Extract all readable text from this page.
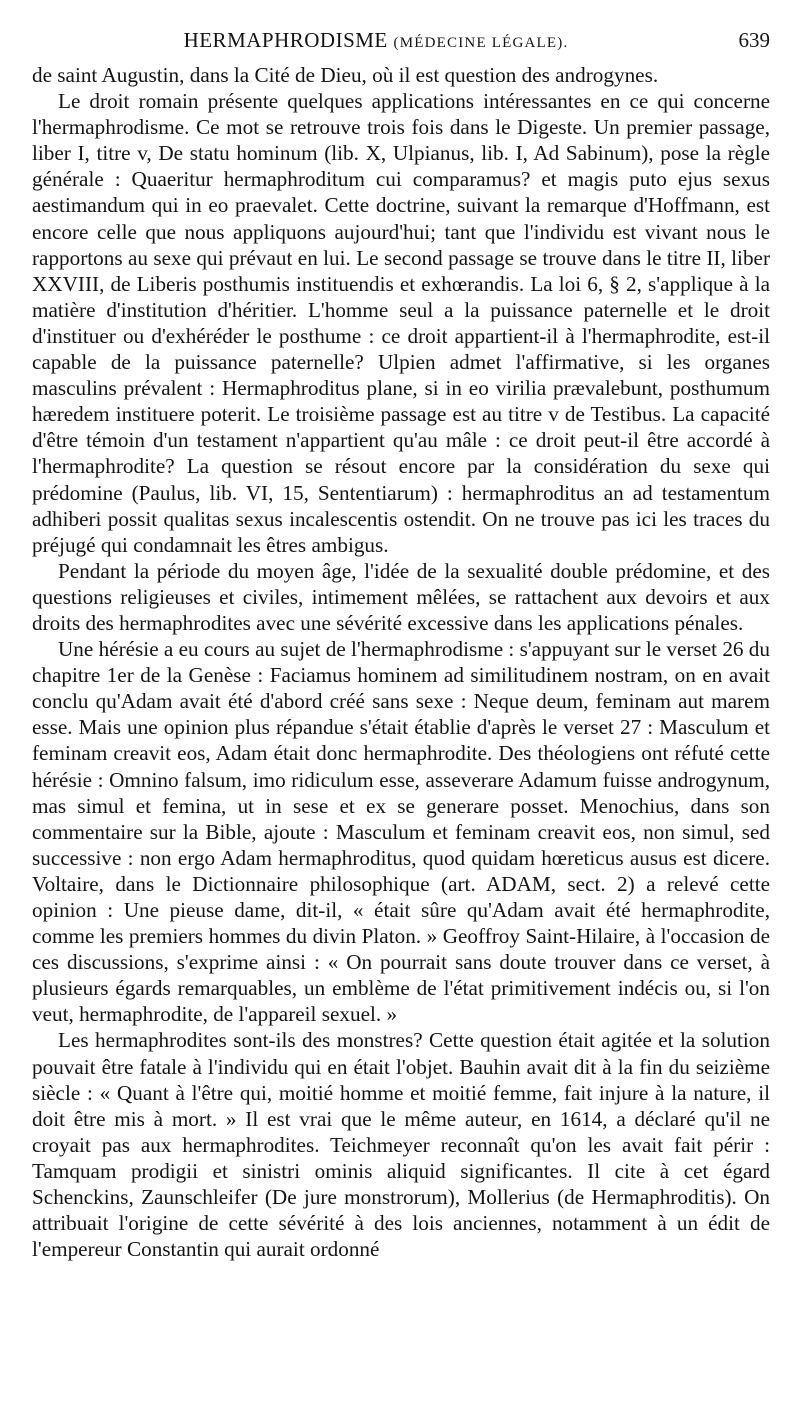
HERMAPHRODISME (MÉDECINE LÉGALE).	639

de saint Augustin, dans la Cité de Dieu, où il est question des androgynes.

Le droit romain présente quelques applications intéressantes en ce qui concerne l'hermaphrodisme. Ce mot se retrouve trois fois dans le Digeste. Un premier passage, liber I, titre v, De statu hominum (lib. X, Ulpianus, lib. I, Ad Sabinum), pose la règle générale : Quaeritur hermaphroditum cui comparamus? et magis puto ejus sexus aestimandum qui in eo praevalet. Cette doctrine, suivant la remarque d'Hoffmann, est encore celle que nous appliquons aujourd'hui; tant que l'individu est vivant nous le rapportons au sexe qui prévaut en lui. Le second passage se trouve dans le titre II, liber XXVIII, de Liberis posthumis instituendis et exhœrandis. La loi 6, § 2, s'applique à la matière d'institution d'héritier. L'homme seul a la puissance paternelle et le droit d'instituer ou d'exhéréder le posthume : ce droit appartient-il à l'hermaphrodite, est-il capable de la puissance paternelle? Ulpien admet l'affirmative, si les organes masculins prévalent : Hermaphroditus plane, si in eo virilia prævalebunt, posthumum hæredem instituere poterit. Le troisième passage est au titre v de Testibus. La capacité d'être témoin d'un testament n'appartient qu'au mâle : ce droit peut-il être accordé à l'hermaphrodite? La question se résout encore par la considération du sexe qui prédomine (Paulus, lib. VI, 15, Sententiarum) : hermaphroditus an ad testamentum adhiberi possit qualitas sexus incalescentis ostendit. On ne trouve pas ici les traces du préjugé qui condamnait les êtres ambigus.

Pendant la période du moyen âge, l'idée de la sexualité double prédomine, et des questions religieuses et civiles, intimement mêlées, se rattachent aux devoirs et aux droits des hermaphrodites avec une sévérité excessive dans les applications pénales.

Une hérésie a eu cours au sujet de l'hermaphrodisme : s'appuyant sur le verset 26 du chapitre 1er de la Genèse : Faciamus hominem ad similitudinem nostram, on en avait conclu qu'Adam avait été d'abord créé sans sexe : Neque deum, feminam aut marem esse. Mais une opinion plus répandue s'était établie d'après le verset 27 : Masculum et feminam creavit eos, Adam était donc hermaphrodite. Des théologiens ont réfuté cette hérésie : Omnino falsum, imo ridiculum esse, asseverare Adamum fuisse androgynum, mas simul et femina, ut in sese et ex se generare posset. Menochius, dans son commentaire sur la Bible, ajoute : Masculum et feminam creavit eos, non simul, sed successive : non ergo Adam hermaphroditus, quod quidam hœreticus ausus est dicere. Voltaire, dans le Dictionnaire philosophique (art. ADAM, sect. 2) a relevé cette opinion : Une pieuse dame, dit-il, « était sûre qu'Adam avait été hermaphrodite, comme les premiers hommes du divin Platon. » Geoffroy Saint-Hilaire, à l'occasion de ces discussions, s'exprime ainsi : « On pourrait sans doute trouver dans ce verset, à plusieurs égards remarquables, un emblème de l'état primitivement indécis ou, si l'on veut, hermaphrodite, de l'appareil sexuel. »

Les hermaphrodites sont-ils des monstres? Cette question était agitée et la solution pouvait être fatale à l'individu qui en était l'objet. Bauhin avait dit à la fin du seizième siècle : « Quant à l'être qui, moitié homme et moitié femme, fait injure à la nature, il doit être mis à mort. » Il est vrai que le même auteur, en 1614, a déclaré qu'il ne croyait pas aux hermaphrodites. Teichmeyer reconnaît qu'on les avait fait périr : Tamquam prodigii et sinistri ominis aliquid significantes. Il cite à cet égard Schenckins, Zaunschleifer (De jure monstrorum), Mollerius (de Hermaphroditis). On attribuait l'origine de cette sévérité à des lois anciennes, notamment à un édit de l'empereur Constantin qui aurait ordonné
